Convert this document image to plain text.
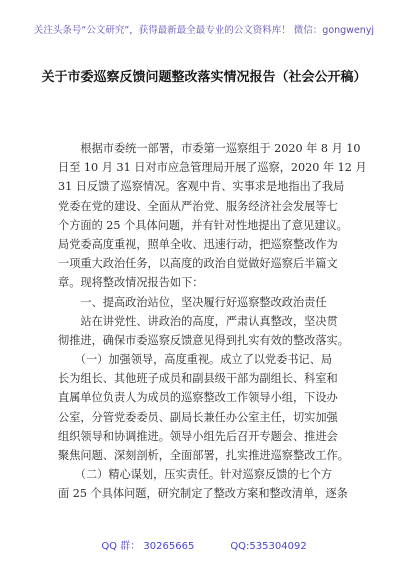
关注头条号“公文研究”，获得最新最全最专业的公文资料库！ 微信：gongwenyj
关于市委巡察反馈问题整改落实情况报告（社会公开稿）
　　根据市委统一部署，市委第一巡察组于 2020 年 8 月 10
日至 10 月 31 日对市应急管理局开展了巡察，2020 年 12 月
31 日反馈了巡察情况。客观中肯、实事求是地指出了我局
党委在党的建设、全面从严治党、服务经济社会发展等七
个方面的 25 个具体问题，并有针对性地提出了意见建议。
局党委高度重视，照单全收、迅速行动，把巡察整改作为
一项重大政治任务，以高度的政治自觉做好巡察后半篇文
章。现将整改情况报告如下：
　　一、提高政治站位，坚决履行好巡察整改政治责任
　　站在讲党性、讲政治的高度，严肃认真整改，坚决贯
彻推进，确保市委巡察反馈意见得到扎实有效的整改落实。
　　（一）加强领导，高度重视。成立了以党委书记、局
长为组长、其他班子成员和副县级干部为副组长、科室和
直属单位负责人为成员的巡察整改工作领导小组，下设办
公室，分管党委委员、副局长兼任办公室主任，切实加强
组织领导和协调推进。领导小组先后召开专题会、推进会
聚焦问题、深刻剖析，全面部署，扎实推进巡察整改工作。
　　（二）精心谋划，压实责任。针对巡察反馈的七个方
面 25 个具体问题，研究制定了整改方案和整改清单，逐条
QQ 群： 30265665	QQ:535304092
